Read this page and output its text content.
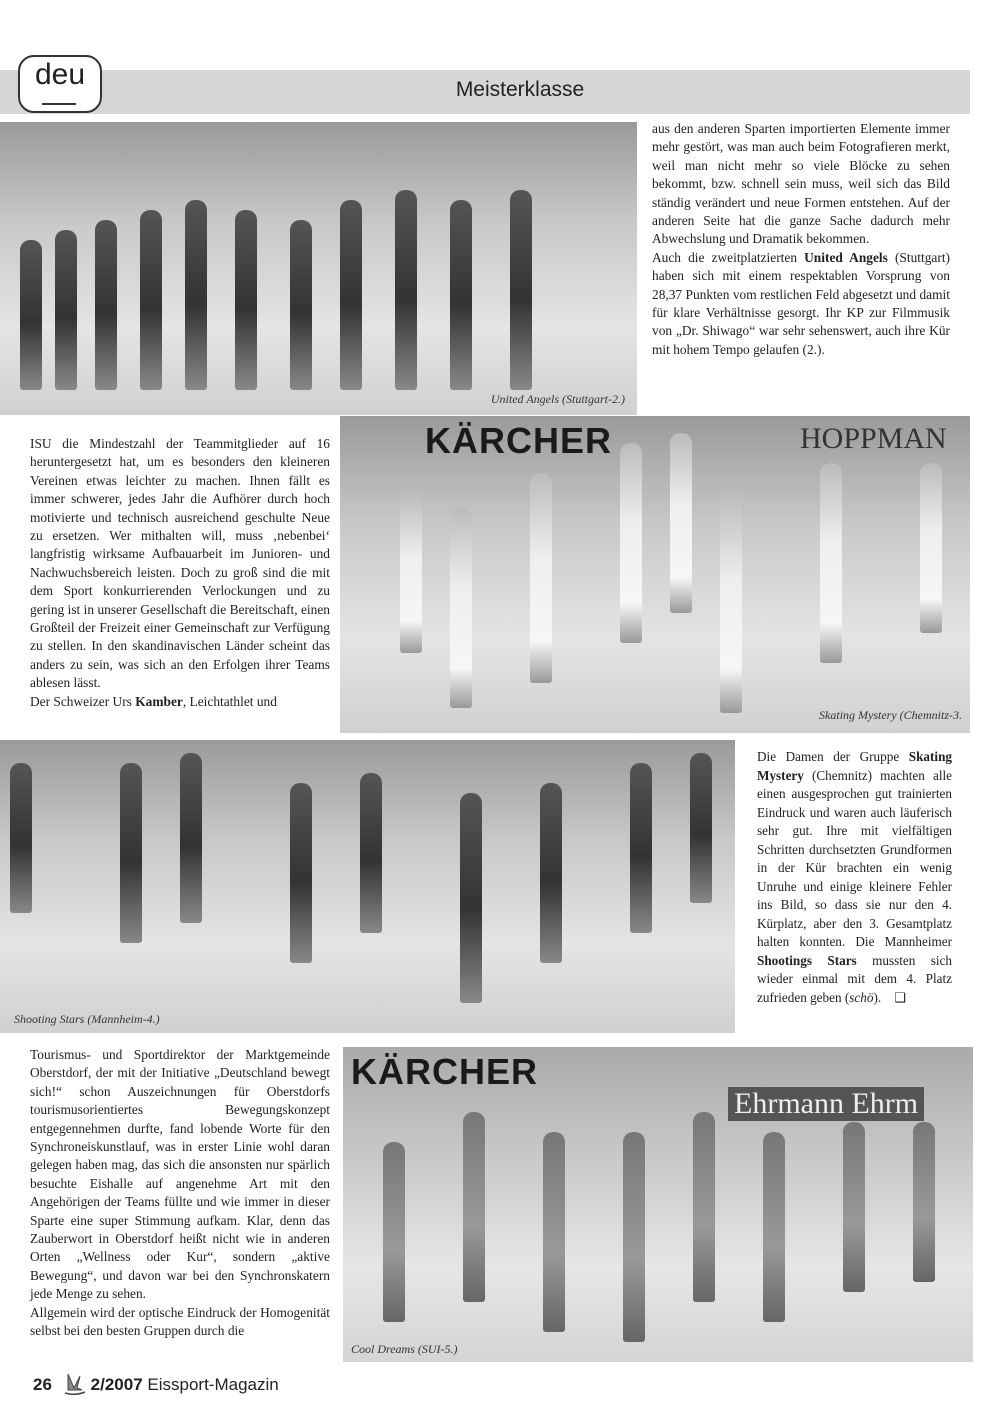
deu	Meisterklasse
United Angels (Stuttgart-2.)

aus den anderen Sparten importierten Elemente immer mehr gestört, was man auch beim Fotografieren merkt, weil man nicht mehr so viele Blöcke zu sehen bekommt, bzw. schnell sein muss, weil sich das Bild ständig verändert und neue Formen entstehen. Auf der anderen Seite hat die ganze Sache dadurch mehr Abwechslung und Dramatik bekommen.

Auch die zweitplatzierten United Angels (Stuttgart) haben sich mit einem respektablen Vorsprung von 28,37 Punkten vom restlichen Feld abgesetzt und damit für klare Verhältnisse gesorgt. Ihr KP zur Filmmusik von „Dr. Shiwago“ war sehr sehenswert, auch ihre Kür mit hohem Tempo gelaufen (2.).

ISU die Mindestzahl der Teammitglieder auf 16 heruntergesetzt hat, um es besonders den kleineren Vereinen etwas leichter zu machen. Ihnen fällt es immer schwerer, jedes Jahr die Aufhörer durch hoch motivierte und technisch ausreichend geschulte Neue zu ersetzen. Wer mithalten will, muss ‚nebenbei‘ langfristig wirksame Aufbauarbeit im Junioren- und Nachwuchsbereich leisten. Doch zu groß sind die mit dem Sport konkurrierenden Verlockungen und zu gering ist in unserer Gesellschaft die Bereitschaft, einen Großteil der Freizeit einer Gemeinschaft zur Verfügung zu stellen. In den skandinavischen Länder scheint das anders zu sein, was sich an den Erfolgen ihrer Teams ablesen lässt.

Der Schweizer Urs Kamber, Leichtathlet und

KÄRCHER	HOPPMAN
Skating Mystery (Chemnitz-3.
Shooting Stars (Mannheim-4.)

Die Damen der Gruppe Skating Mystery (Chemnitz) machten alle einen ausgesprochen gut trainierten Eindruck und waren auch läuferisch sehr gut. Ihre mit vielfältigen Schritten durchsetzten Grundformen in der Kür brachten ein wenig Unruhe und einige kleinere Fehler ins Bild, so dass sie nur den 4. Kürplatz, aber den 3. Gesamtplatz halten konnten. Die Mannheimer Shootings Stars mussten sich wieder einmal mit dem 4. Platz zufrieden geben (schö). ❑

Tourismus- und Sportdirektor der Marktgemeinde Oberstdorf, der mit der Initiative „Deutschland bewegt sich!“ schon Auszeichnungen für Oberstdorfs tourismusorientiertes Bewegungskonzept entgegennehmen durfte, fand lobende Worte für den Synchroneiskunstlauf, was in erster Linie wohl daran gelegen haben mag, das sich die ansonsten nur spärlich besuchte Eishalle auf angenehme Art mit den Angehörigen der Teams füllte und wie immer in dieser Sparte eine super Stimmung aufkam. Klar, denn das Zauberwort in Oberstdorf heißt nicht wie in anderen Orten „Wellness oder Kur“, sondern „aktive Bewegung“, und davon war bei den Synchronskatern jede Menge zu sehen.

Allgemein wird der optische Eindruck der Homogenität selbst bei den besten Gruppen durch die

KÄRCHER
Ehrmann Ehrm
Cool Dreams (SUI-5.)
26 2/2007 Eissport-Magazin
